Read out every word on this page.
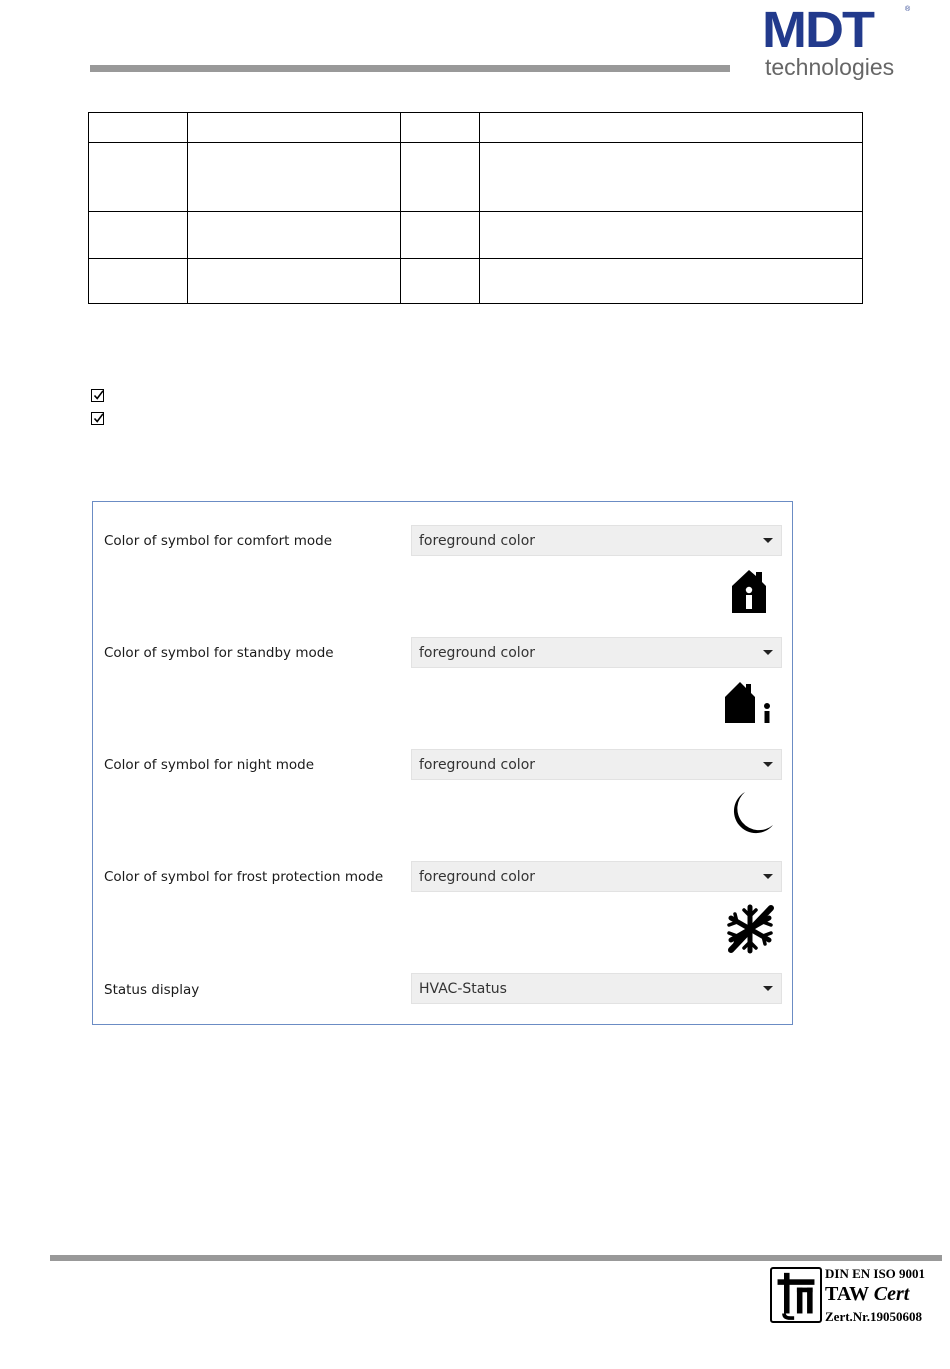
MDT	®
technologies

Color of symbol for comfort mode	foreground color
Color of symbol for standby mode	foreground color
Color of symbol for night mode	foreground color
Color of symbol for frost protection mode	foreground color
Status display	HVAC-Status
DIN EN ISO 9001
TAW Cert
Zert.Nr.19050608
